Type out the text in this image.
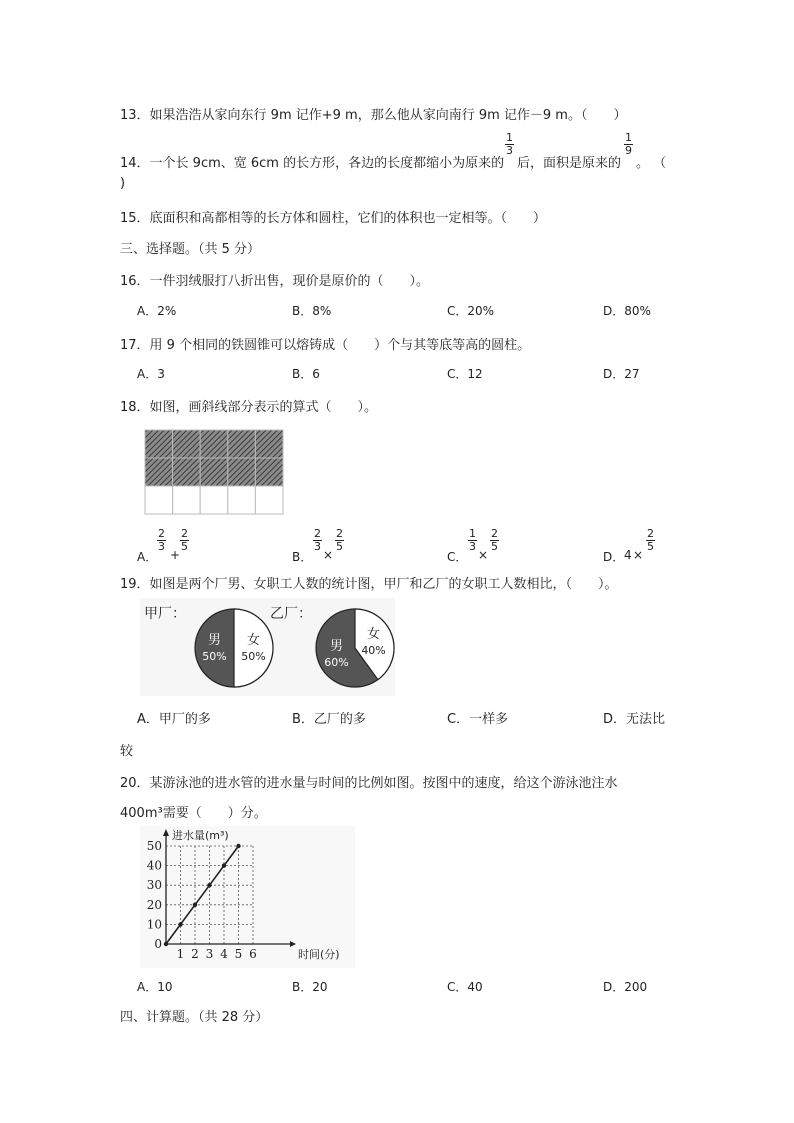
13．如果浩浩从家向东行 9m 记作+9 m，那么他从家向南行 9m 记作－9 m。（　　）
14．一个长 9cm、宽 6cm 的长方形，各边的长度都缩小为原来的
$\frac{1}{3}$
后，面积是原来的
$\frac{1}{9}$
。 （
)
15．底面积和高都相等的长方体和圆柱，它们的体积也一定相等。（　　）
三、选择题。（共 5 分）
16．一件羽绒服打八折出售，现价是原价的（　　）。
A．2%	B．8%	C．20%	D．80%
17．用 9 个相同的铁圆锥可以熔铸成（　　）个与其等底等高的圆柱。
A．3	B．6	C．12	D．27
18．如图，画斜线部分表示的算式（　　）。
A．
$\frac{2}{3}$
+
$\frac{2}{5}$
B．
$\frac{2}{3}$
×
$\frac{2}{5}$
C．
$\frac{1}{3}$
×
$\frac{2}{5}$
D． 4 ×
$\frac{2}{5}$
19．如图是两个厂男、女职工人数的统计图，甲厂和乙厂的女职工人数相比，（　　）。
甲厂：
男
50%
女
50%
乙厂：
男
60%
女
40%
A．甲厂的多	B．乙厂的多	C．一样多	D．无法比
较
20．某游泳池的进水管的进水量与时间的比例如图。按图中的速度，给这个游泳池注水
400m³需要（　　）分。
1 2 3 4 5 6
0
10
20
30
40
50
时间(分)
进水量(m³)
A．10	B．20	C．40	D．200
四、计算题。（共 28 分）
